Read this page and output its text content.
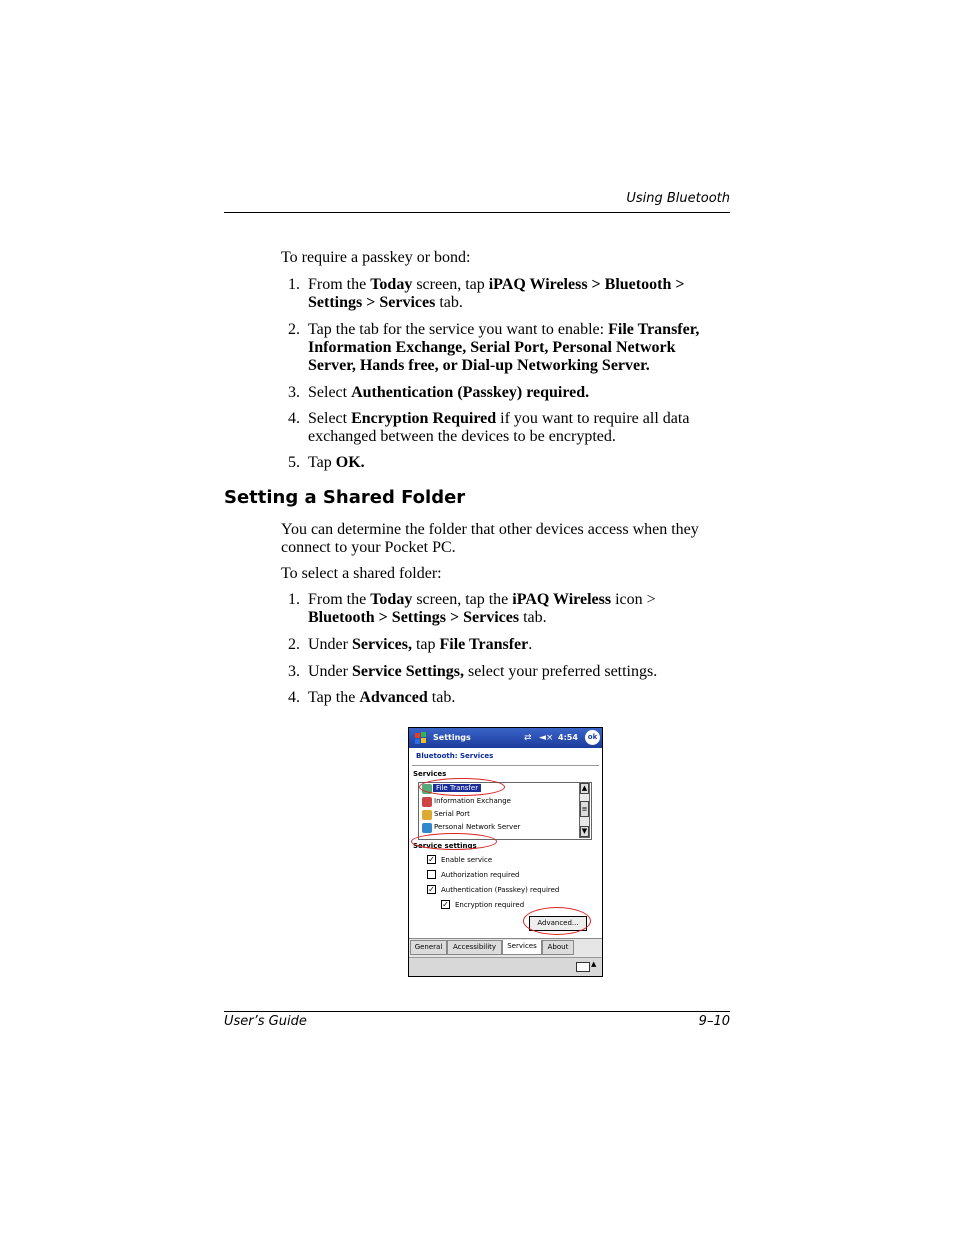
Using Bluetooth
To require a passkey or bond:
1. From the Today screen, tap iPAQ Wireless > Bluetooth >
Settings > Services tab.
2. Tap the tab for the service you want to enable: File Transfer,
Information Exchange, Serial Port, Personal Network
Server, Hands free, or Dial-up Networking Server.
3. Select Authentication (Passkey) required.
4. Select Encryption Required if you want to require all data
exchanged between the devices to be encrypted.
5. Tap OK.
Setting a Shared Folder
You can determine the folder that other devices access when they
connect to your Pocket PC.
To select a shared folder:
1. From the Today screen, tap the iPAQ Wireless icon >
Bluetooth > Settings > Services tab.
2. Under Services, tap File Transfer.
3. Under Service Settings, select your preferred settings.
4. Tap the Advanced tab.
Settings	⇄ ◄× 4:54	ok
Bluetooth: Services
Services
File Transfer
Information Exchange
Serial Port
Personal Network Server
▲
≡
▼
Service settings
✓ Enable service
Authorization required
✓ Authentication (Passkey) required
✓ Encryption required
Advanced...
General	Accessibility	Services	About
▲
User’s Guide	9–10
